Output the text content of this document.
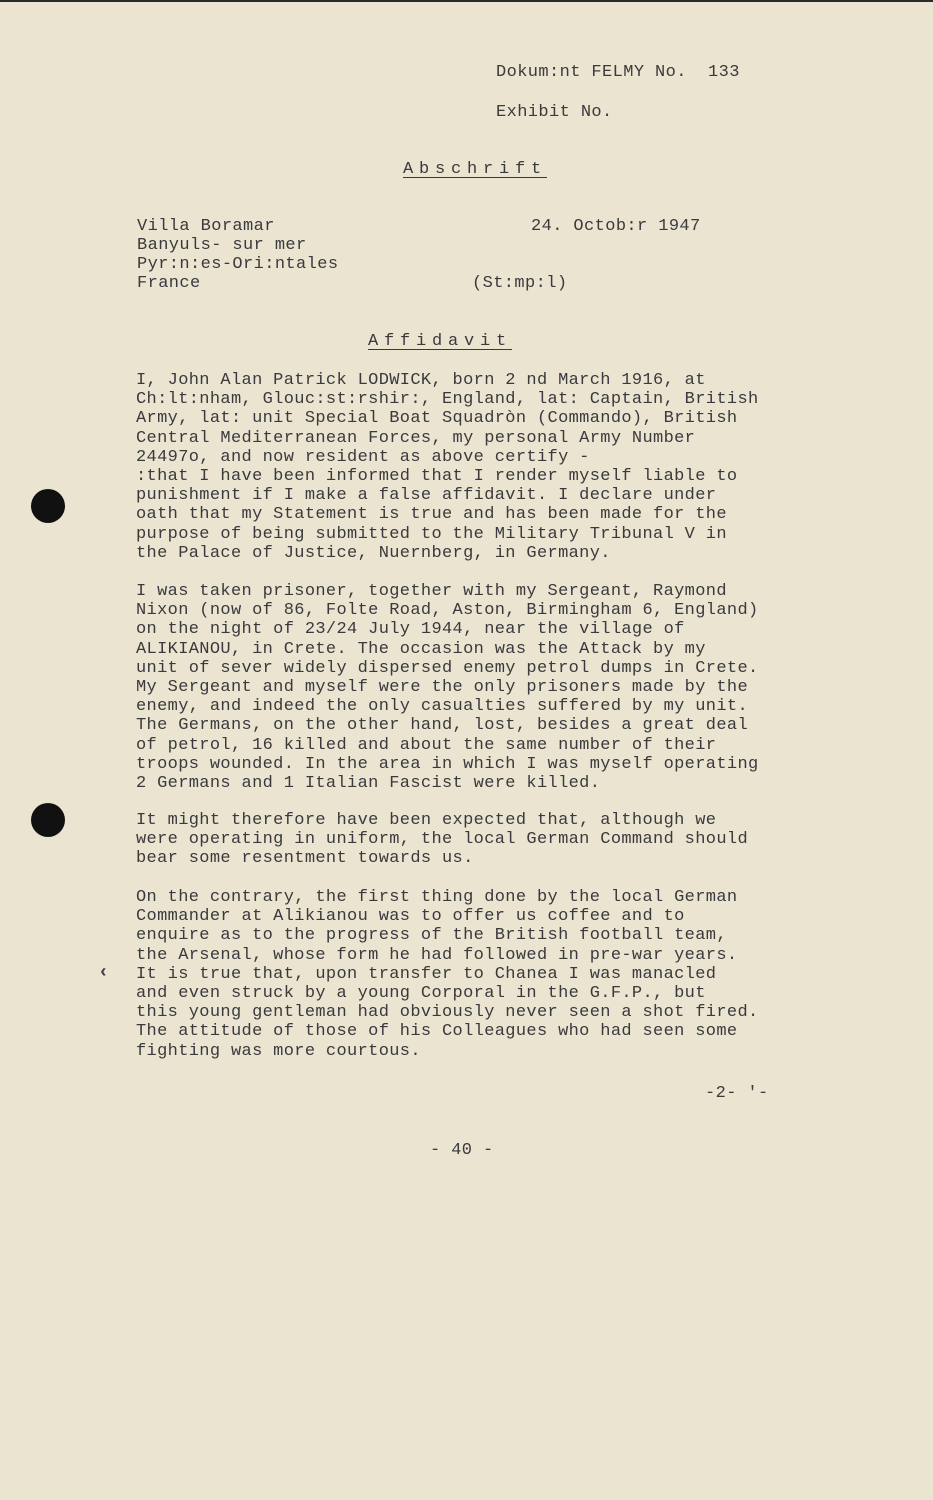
Dokum:nt FELMY No.  133

Exhibit No.

Abschrift

Villa Boramar

Banyuls- sur mer

Pyr:n:es-Ori:ntales

France

24. Octob:r 1947

(St:mp:l)

Affidavit

I, John Alan Patrick LODWICK, born 2 nd March 1916, at
Ch:lt:nham, Glouc:st:rshir:, England, lat: Captain, British
Army, lat: unit Special Boat Squadròn (Commando), British
Central Mediterranean Forces, my personal Army Number
24497o, and now resident as above certify -
:that I have been informed that I render myself liable to
punishment if I make a false affidavit. I declare under
oath that my Statement is true and has been made for the
purpose of being submitted to the Military Tribunal V in
the Palace of Justice, Nuernberg, in Germany.

I was taken prisoner, together with my Sergeant, Raymond
Nixon (now of 86, Folte Road, Aston, Birmingham 6, England)
on the night of 23/24 July 1944, near the village of
ALIKIANOU, in Crete. The occasion was the Attack by my
unit of sever widely dispersed enemy petrol dumps in Crete.
My Sergeant and myself were the only prisoners made by the
enemy, and indeed the only casualties suffered by my unit.
The Germans, on the other hand, lost, besides a great deal
of petrol, 16 killed and about the same number of their
troops wounded. In the area in which I was myself operating
2 Germans and 1 Italian Fascist were killed.

It might therefore have been expected that, although we
were operating in uniform, the local German Command should
bear some resentment towards us.

On the contrary, the first thing done by the local German
Commander at Alikianou was to offer us coffee and to
enquire as to the progress of the British football team,
the Arsenal, whose form he had followed in pre-war years.
It is true that, upon transfer to Chanea I was manacled
and even struck by a young Corporal in the G.F.P., but
this young gentleman had obviously never seen a shot fired.
The attitude of those of his Colleagues who had seen some
fighting was more courtous.

‹

-2- '-

- 40 -
